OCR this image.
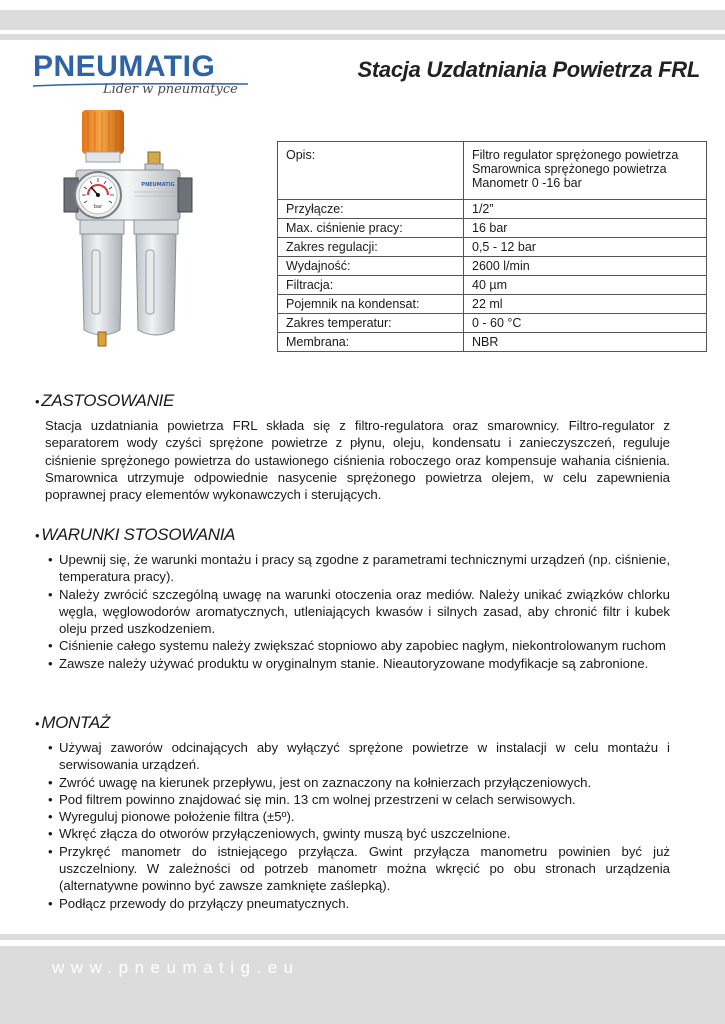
PNEUMATIG
Lider w pneumatyce
Stacja Uzdatniania Powietrza FRL
bar
PNEUMATIG
Opis:	Filtro regulator sprężonego powietrza
Smarownica sprężonego powietrza
Manometr 0 -16 bar

Przyłącze:	1/2”
Max. ciśnienie pracy:	16 bar
Zakres regulacji:	0,5 - 12 bar
Wydajność:	2600 l/min
Filtracja:	40 µm
Pojemnik na kondensat:	22 ml
Zakres temperatur:	0 - 60 °C
Membrana:	NBR
• ZASTOSOWANIE

Stacja uzdatniania powietrza FRL składa się z filtro-regulatora oraz smarownicy. Filtro-regulator z separatorem wody czyści sprężone powietrze z płynu, oleju, kondensatu i zanieczyszczeń, reguluje ciśnienie sprężonego powietrza do ustawionego ciśnienia roboczego oraz kompensuje wahania ciśnienia. Smarownica utrzymuje odpowiednie nasycenie sprężonego powietrza olejem, w celu zapewnienia poprawnej pracy elementów wykonawczych i sterujących.

• WARUNKI STOSOWANIA
• Upewnij się, że warunki montażu i pracy są zgodne z parametrami technicznymi urządzeń (np. ciśnienie, temperatura pracy).
• Należy zwrócić szczególną uwagę na warunki otoczenia oraz mediów. Należy unikać związków chlorku węgla, węglowodorów aromatycznych, utleniających kwasów i silnych zasad, aby chronić filtr i kubek oleju przed uszkodzeniem.
• Ciśnienie całego systemu należy zwiększać stopniowo aby zapobiec nagłym, niekontrolowanym ruchom
• Zawsze należy używać produktu w oryginalnym stanie. Nieautoryzowane modyfikacje są zabronione.
• MONTAŻ
• Używaj zaworów odcinających aby wyłączyć sprężone powietrze w instalacji w celu montażu i serwisowania urządzeń.
• Zwróć uwagę na kierunek przepływu, jest on zaznaczony na kołnierzach przyłączeniowych.
• Pod filtrem powinno znajdować się min. 13 cm wolnej przestrzeni w celach serwisowych.
• Wyreguluj pionowe położenie filtra (±5º).
• Wkręć złącza do otworów przyłączeniowych, gwinty muszą być uszczelnione.
• Przykręć manometr do istniejącego przyłącza. Gwint przyłącza manometru powinien być już uszczelniony. W zależności od potrzeb manometr można wkręcić po obu stronach urządzenia (alternatywne powinno być zawsze zamknięte zaślepką).
• Podłącz przewody do przyłączy pneumatycznych.
www.pneumatig.eu
